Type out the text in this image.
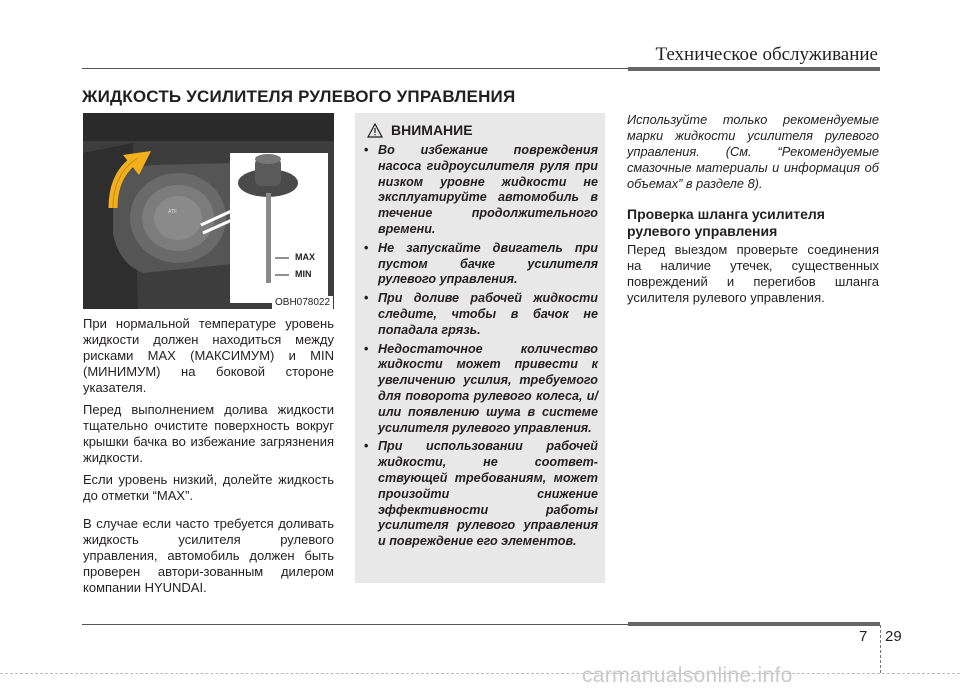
Техническое обслуживание
ЖИДКОСТЬ УСИЛИТЕЛЯ РУЛЕВОГО УПРАВЛЕНИЯ
ATF
MAX
MIN
OBH078022

При нормальной температуре уровень жидкости должен находиться между рисками MAX (МАКСИМУМ) и MIN (МИНИМУМ) на боковой стороне указателя.

Перед выполнением долива жидкости тщательно очистите поверхность вокруг крышки бачка во избежание загрязнения жидкости.

Если уровень низкий, долейте жидкость до отметки “MAX”.

В случае если часто требуется доливать жидкость усилителя рулевого управления, автомобиль должен быть проверен автори-зованным дилером компании HYUNDAI.

ВНИМАНИЕ
• Во избежание повреждения насоса гидроусилителя руля при низком уровне жидкости не эксплуатируйте автомобиль в течение продолжительного времени.
• Не запускайте двигатель при пустом бачке усилителя рулевого управления.
• При доливе рабочей жидкости следите, чтобы в бачок не попадала грязь.
• Недостаточное количество жидкости может привести к увеличению усилия, требуемого для поворота рулевого колеса, и/или появлению шума в системе усилителя рулевого управления.
• При использовании рабочей жидкости, не соответ-ствующей требованиям, может произойти снижение эффективности работы усилителя рулевого управления и повреждение его элементов.
Используйте только рекомендуемые марки жидкости усилителя рулевого управления. (См. “Рекомендуемые смазочные материалы и информация об объемах” в разделе 8).
Проверка шланга усилителя рулевого управления
Перед выездом проверьте соединения на наличие утечек, существенных повреждений и перегибов шланга усилителя рулевого управления.
7 29
carmanualsonline.info
